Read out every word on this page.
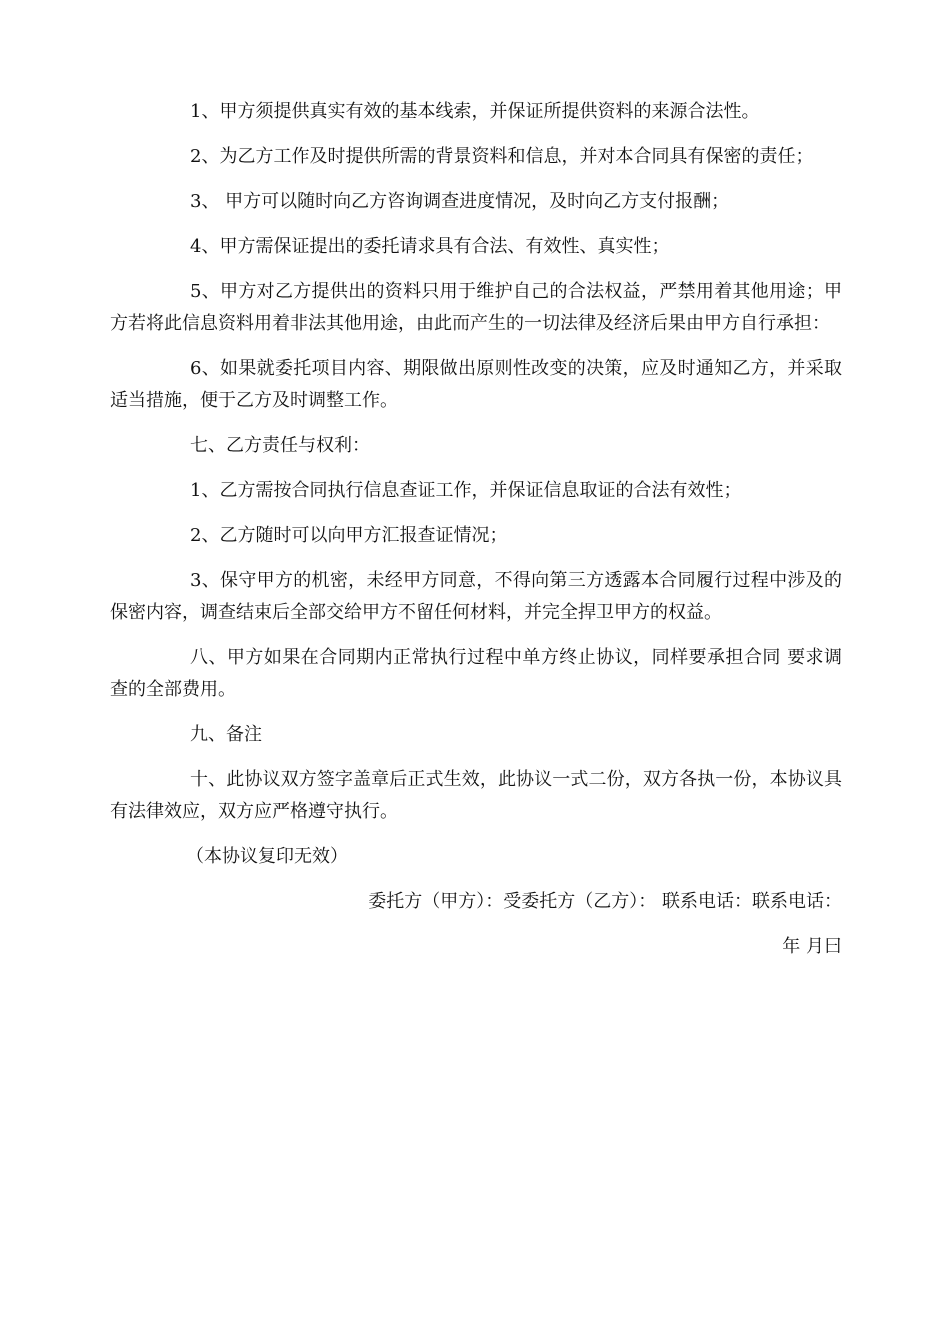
1、甲方须提供真实有效的基本线索，并保证所提供资料的来源合法性。

2、为乙方工作及时提供所需的背景资料和信息，并对本合同具有保密的责任；

3、 甲方可以随时向乙方咨询调查进度情况，及时向乙方支付报酬；

4、甲方需保证提出的委托请求具有合法、有效性、真实性；

5、甲方对乙方提供出的资料只用于维护自己的合法权益，严禁用着其他用途；甲方若将此信息资料用着非法其他用途，由此而产生的一切法律及经济后果由甲方自行承担：

6、如果就委托项目内容、期限做出原则性改变的决策，应及时通知乙方，并采取适当措施，便于乙方及时调整工作。

七、乙方责任与权利：

1、乙方需按合同执行信息查证工作，并保证信息取证的合法有效性；

2、乙方随时可以向甲方汇报查证情况；

3、保守甲方的机密，未经甲方同意，不得向第三方透露本合同履行过程中涉及的保密内容，调查结束后全部交给甲方不留任何材料，并完全捍卫甲方的权益。

八、甲方如果在合同期内正常执行过程中单方终止协议，同样要承担合同 要求调查的全部费用。

九、备注

十、此协议双方签字盖章后正式生效，此协议一式二份，双方各执一份，本协议具有法律效应，双方应严格遵守执行。

（本协议复印无效）

委托方（甲方）：受委托方（乙方）： 联系电话：联系电话：

年 月曰
